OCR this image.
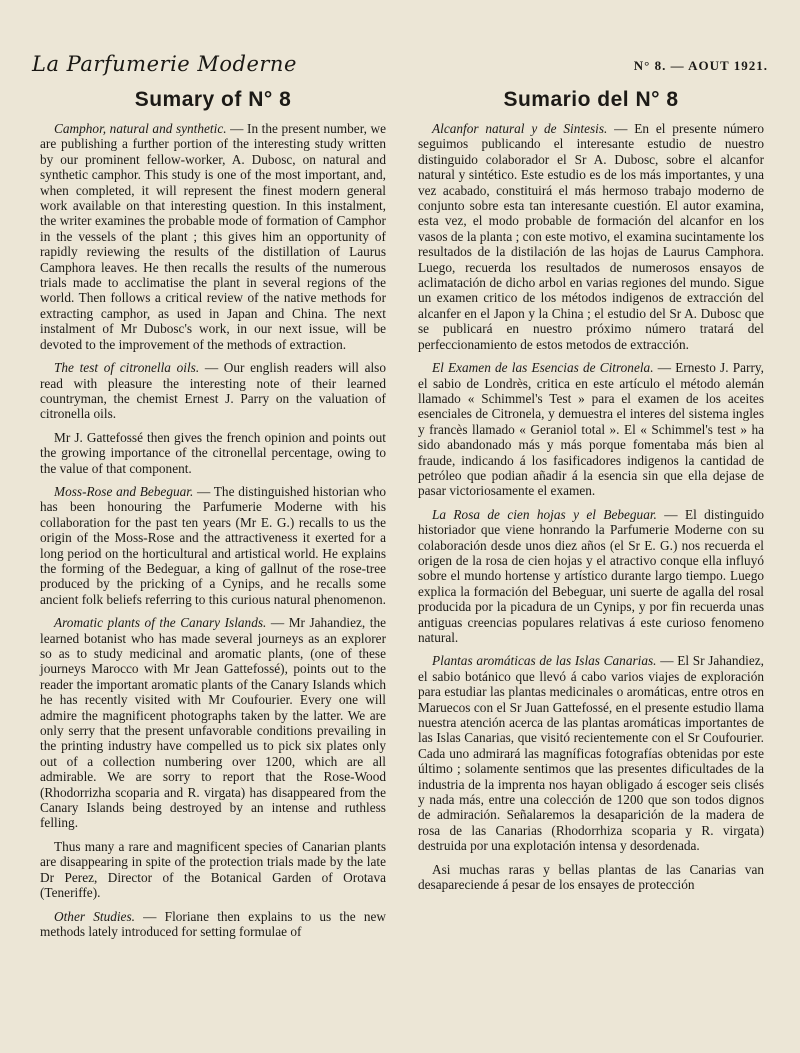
La Parfumerie Moderne	N° 8. — AOUT 1921.
Sumary of N° 8

Camphor, natural and synthetic. — In the present number, we are publishing a further portion of the interesting study written by our prominent fellow-worker, A. Dubosc, on natural and synthetic camphor. This study is one of the most important, and, when completed, it will represent the finest modern general work available on that interesting question. In this instalment, the writer examines the probable mode of formation of Camphor in the vessels of the plant ; this gives him an opportunity of rapidly reviewing the results of the distillation of Laurus Camphora leaves. He then recalls the results of the numerous trials made to acclimatise the plant in several regions of the world. Then follows a critical review of the native methods for extracting camphor, as used in Japan and China. The next instalment of Mr Dubosc's work, in our next issue, will be devoted to the improvement of the methods of extraction.

The test of citronella oils. — Our english readers will also read with pleasure the interesting note of their learned countryman, the chemist Ernest J. Parry on the valuation of citronella oils.

Mr J. Gattefossé then gives the french opinion and points out the growing importance of the citronellal percentage, owing to the value of that component.

Moss-Rose and Bebeguar. — The distinguished historian who has been honouring the Parfumerie Moderne with his collaboration for the past ten years (Mr E. G.) recalls to us the origin of the Moss-Rose and the attractiveness it exerted for a long period on the horticultural and artistical world. He explains the forming of the Bedeguar, a king of gallnut of the rose-tree produced by the pricking of a Cynips, and he recalls some ancient folk beliefs referring to this curious natural phenomenon.

Aromatic plants of the Canary Islands. — Mr Jahandiez, the learned botanist who has made several journeys as an explorer so as to study medicinal and aromatic plants, (one of these journeys Marocco with Mr Jean Gattefossé), points out to the reader the important aromatic plants of the Canary Islands which he has recently visited with Mr Coufourier. Every one will admire the magnificent photographs taken by the latter. We are only serry that the present unfavorable conditions prevailing in the printing industry have compelled us to pick six plates only out of a collection numbering over 1200, which are all admirable. We are sorry to report that the Rose-Wood (Rhodorrizha scoparia and R. virgata) has disappeared from the Canary Islands being destroyed by an intense and ruthless felling.

Thus many a rare and magnificent species of Canarian plants are disappearing in spite of the protection trials made by the late Dr Perez, Director of the Botanical Garden of Orotava (Teneriffe).

Other Studies. — Floriane then explains to us the new methods lately introduced for setting formulae of

Sumario del N° 8

Alcanfor natural y de Sintesis. — En el presente número seguimos publicando el interesante estudio de nuestro distinguido colaborador el Sr A. Dubosc, sobre el alcanfor natural y sintético. Este estudio es de los más importantes, y una vez acabado, constituirá el más hermoso trabajo moderno de conjunto sobre esta tan interesante cuestión. El autor examina, esta vez, el modo probable de formación del alcanfor en los vasos de la planta ; con este motivo, el examina sucintamente los resultados de la distilación de las hojas de Laurus Camphora. Luego, recuerda los resultados de numerosos ensayos de aclimatación de dicho arbol en varias regiones del mundo. Sigue un examen critico de los métodos indigenos de extracción del alcanfer en el Japon y la China ; el estudio del Sr A. Dubosc que se publicará en nuestro próximo número tratará del perfeccionamiento de estos metodos de extracción.

El Examen de las Esencias de Citronela. — Ernesto J. Parry, el sabio de Londrès, critica en este artículo el método alemán llamado « Schimmel's Test » para el examen de los aceites esenciales de Citronela, y demuestra el interes del sistema ingles y francès llamado « Geraniol total ». El « Schimmel's test » ha sido abandonado más y más porque fomentaba más bien al fraude, indicando á los fasificadores indigenos la cantidad de petróleo que podian añadir á la esencia sin que ella dejase de pasar victoriosamente el examen.

La Rosa de cien hojas y el Bebeguar. — El distinguido historiador que viene honrando la Parfumerie Moderne con su colaboración desde unos diez años (el Sr E. G.) nos recuerda el origen de la rosa de cien hojas y el atractivo conque ella influyó sobre el mundo hortense y artístico durante largo tiempo. Luego explica la formación del Bebeguar, uni suerte de agalla del rosal producida por la picadura de un Cynips, y por fin recuerda unas antiguas creencias populares relativas á este curioso fenomeno natural.

Plantas aromáticas de las Islas Canarias. — El Sr Jahandiez, el sabio botánico que llevó á cabo varios viajes de exploración para estudiar las plantas medicinales o aromáticas, entre otros en Maruecos con el Sr Juan Gattefossé, en el presente estudio llama nuestra atención acerca de las plantas aromáticas importantes de las Islas Canarias, que visitó recientemente con el Sr Coufourier. Cada uno admirará las magníficas fotografías obtenidas por este último ; solamente sentimos que las presentes dificultades de la industria de la imprenta nos hayan obligado á escoger seis clisés y nada más, entre una colección de 1200 que son todos dignos de admiración. Señalaremos la desaparición de la madera de rosa de las Canarias (Rhodorrhiza scoparia y R. virgata) destruida por una explotación intensa y desordenada.

Asi muchas raras y bellas plantas de las Canarias van desapareciende á pesar de los ensayes de protección
